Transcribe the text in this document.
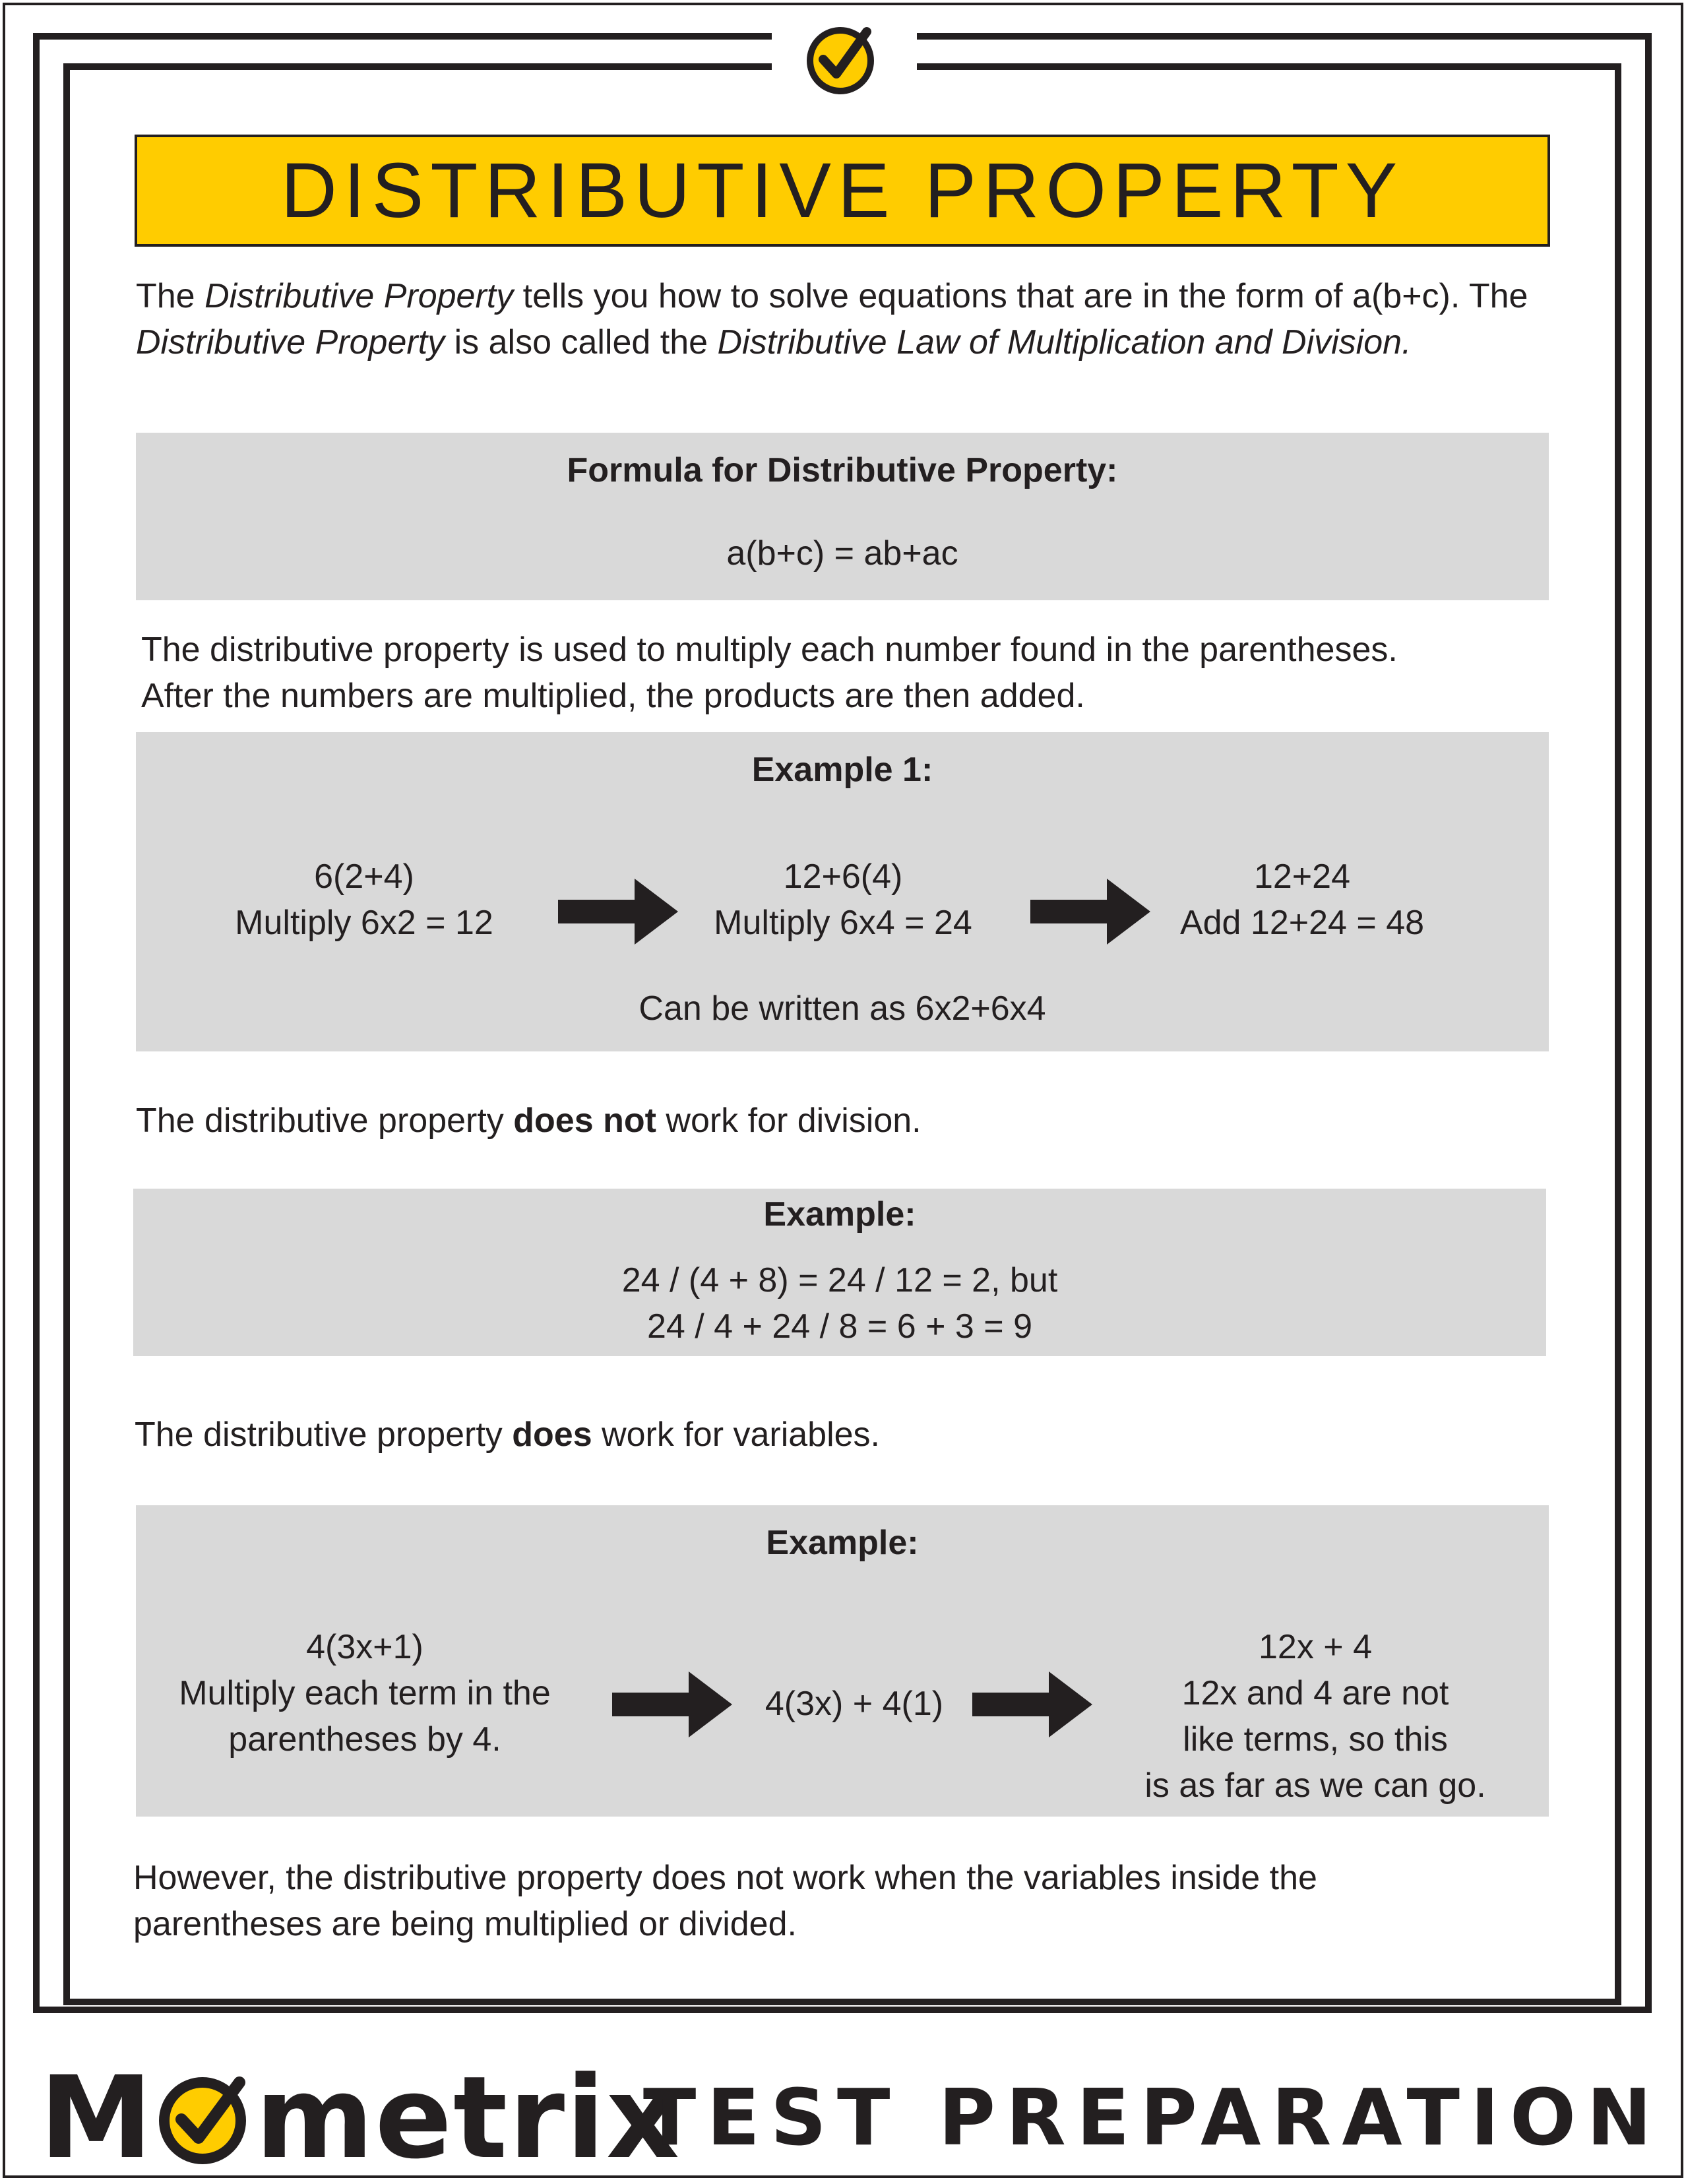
DISTRIBUTIVE PROPERTY
The Distributive Property tells you how to solve equations that are in the form of a(b+c). The Distributive Property is also called the Distributive Law of Multiplication and Division.
Formula for Distributive Property:
a(b+c) = ab+ac
The distributive property is used to multiply each number found in the parentheses.
After the numbers are multiplied, the products are then added.
Example 1:
6(2+4)
Multiply 6x2 = 12
12+6(4)
Multiply 6x4 = 24
12+24
Add 12+24 = 48
Can be written as 6x2+6x4
The distributive property does not work for division.
Example:
24 / (4 + 8) = 24 / 12 = 2, but
24 / 4 + 24 / 8 = 6 + 3 = 9
The distributive property does work for variables.
Example:
4(3x+1)
Multiply each term in the
parentheses by 4.
4(3x) + 4(1)
12x + 4
12x and 4 are not
like terms, so this
is as far as we can go.
However, the distributive property does not work when the variables inside the
parentheses are being multiplied or divided.
M metrix
TEST PREPARATION
